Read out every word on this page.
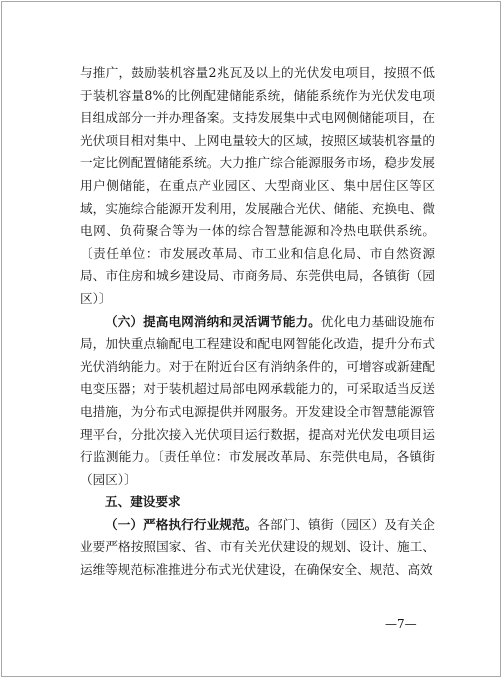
与推广，鼓励装机容量2兆瓦及以上的光伏发电项目，按照不低于装机容量8%的比例配建储能系统，储能系统作为光伏发电项目组成部分一并办理备案。支持发展集中式电网侧储能项目，在光伏项目相对集中、上网电量较大的区域，按照区域装机容量的一定比例配置储能系统。大力推广综合能源服务市场，稳步发展用户侧储能，在重点产业园区、大型商业区、集中居住区等区域，实施综合能源开发利用，发展融合光伏、储能、充换电、微电网、负荷聚合等为一体的综合智慧能源和冷热电联供系统。〔责任单位：市发展改革局、市工业和信息化局、市自然资源局、市住房和城乡建设局、市商务局、东莞供电局，各镇街（园区）〕

（六）提高电网消纳和灵活调节能力。优化电力基础设施布局，加快重点输配电工程建设和配电网智能化改造，提升分布式光伏消纳能力。对于在附近台区有消纳条件的，可增容或新建配电变压器；对于装机超过局部电网承载能力的，可采取适当反送电措施，为分布式电源提供并网服务。开发建设全市智慧能源管理平台，分批次接入光伏项目运行数据，提高对光伏发电项目运行监测能力。〔责任单位：市发展改革局、东莞供电局，各镇街（园区）〕

五、建设要求

（一）严格执行行业规范。各部门、镇街（园区）及有关企业要严格按照国家、省、市有关光伏建设的规划、设计、施工、运维等规范标准推进分布式光伏建设，在确保安全、规范、高效

—7—
